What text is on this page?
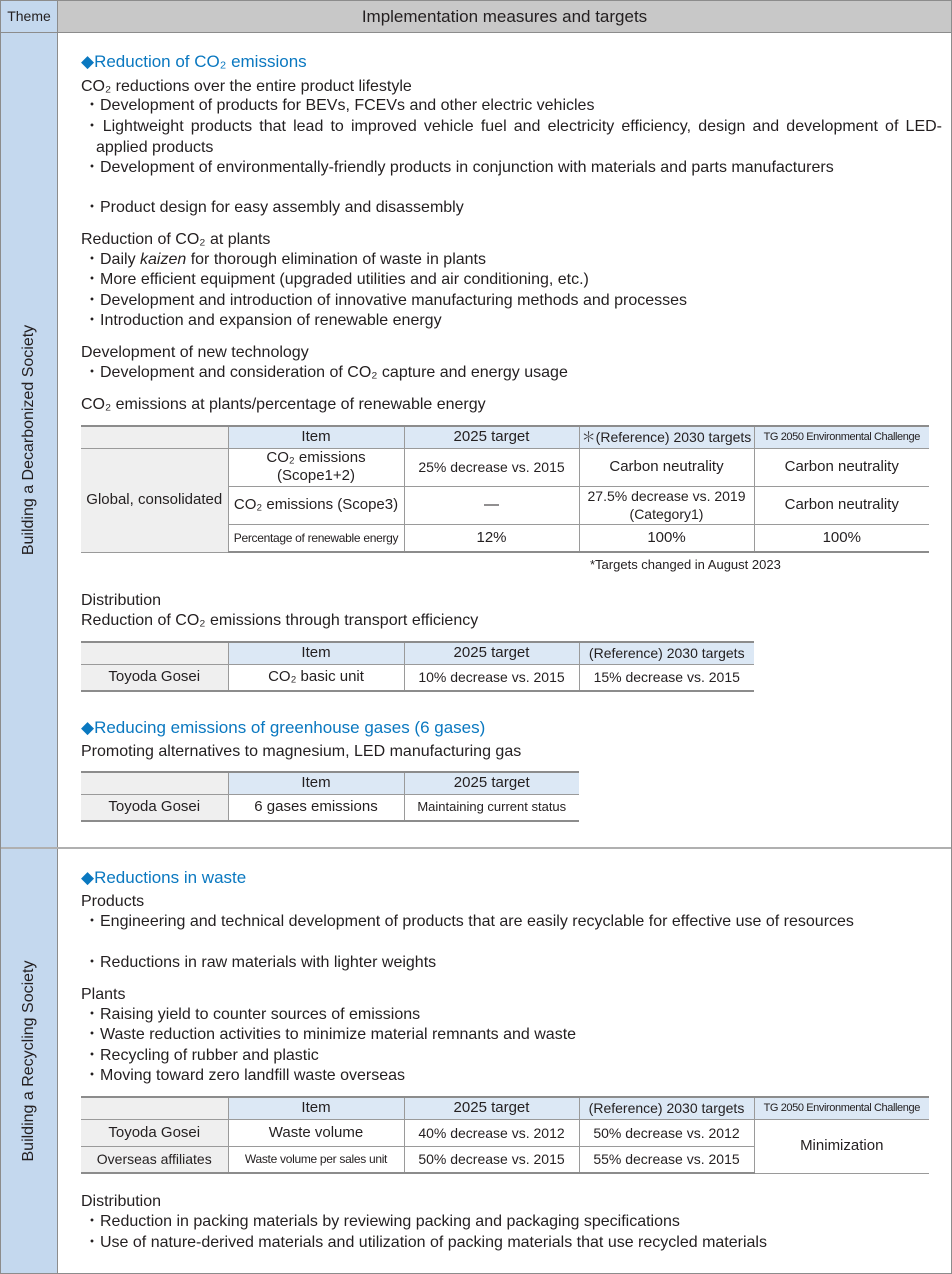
Theme	Implementation measures and targets
Building a Decarbonized Society
Building a Recycling Society
◆Reduction of CO₂ emissions
CO₂ reductions over the entire product lifestyle
・Development of products for BEVs, FCEVs and other electric vehicles
・Lightweight products that lead to improved vehicle fuel and electricity efficiency, design and development of LED-applied products
・Development of environmentally-friendly products in conjunction with materials and parts manufacturers
・Product design for easy assembly and disassembly
Reduction of CO₂ at plants
・Daily kaizen for thorough elimination of waste in plants
・More efficient equipment (upgraded utilities and air conditioning, etc.)
・Development and introduction of innovative manufacturing methods and processes
・Introduction and expansion of renewable energy
Development of new technology
・Development and consideration of CO₂ capture and energy usage
CO₂ emissions at plants/percentage of renewable energy
	Item	2025 target	＊(Reference) 2030 targets	TG 2050 Environmental Challenge
Global, consolidated	CO₂ emissions (Scope1+2)	25% decrease vs. 2015	Carbon neutrality	Carbon neutrality
	CO₂ emissions (Scope3)	—	27.5% decrease vs. 2019 (Category1)	Carbon neutrality
	Percentage of renewable energy	12%	100%	100%
*Targets changed in August 2023
Distribution
Reduction of CO₂ emissions through transport efficiency
	Item	2025 target	(Reference) 2030 targets
Toyoda Gosei	CO₂ basic unit	10% decrease vs. 2015	15% decrease vs. 2015
◆Reducing emissions of greenhouse gases (6 gases)
Promoting alternatives to magnesium, LED manufacturing gas
	Item	2025 target
Toyoda Gosei	6 gases emissions	Maintaining current status
◆Reductions in waste
Products
・Engineering and technical development of products that are easily recyclable for effective use of resources
・Reductions in raw materials with lighter weights
Plants
・Raising yield to counter sources of emissions
・Waste reduction activities to minimize material remnants and waste
・Recycling of rubber and plastic
・Moving toward zero landfill waste overseas
	Item	2025 target	(Reference) 2030 targets	TG 2050 Environmental Challenge
Toyoda Gosei	Waste volume	40% decrease vs. 2012	50% decrease vs. 2012	Minimization
Overseas affiliates	Waste volume per sales unit	50% decrease vs. 2015	55% decrease vs. 2015	
Distribution
・Reduction in packing materials by reviewing packing and packaging specifications
・Use of nature-derived materials and utilization of packing materials that use recycled materials
